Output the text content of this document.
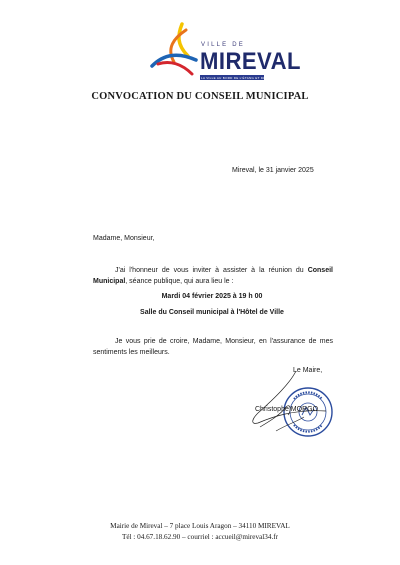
VILLE DE
MIREVAL
LA VILLE AU BORD DE L'ÉTANG ET DE LA MER
CONVOCATION DU CONSEIL MUNICIPAL
Mireval, le 31 janvier 2025
Madame, Monsieur,
J'ai l'honneur de vous inviter à assister à la réunion du Conseil Municipal, séance publique, qui aura lieu le :
Mardi 04 février 2025 à 19 h 00
Salle du Conseil municipal à l'Hôtel de Ville
Je vous prie de croire, Madame, Monsieur, en l'assurance de mes sentiments les meilleurs.
Le Maire,
Christophe MORGO
Mairie de Mireval – 7 place Louis Aragon – 34110 MIREVAL
Tél : 04.67.18.62.90 – courriel : accueil@mireval34.fr
